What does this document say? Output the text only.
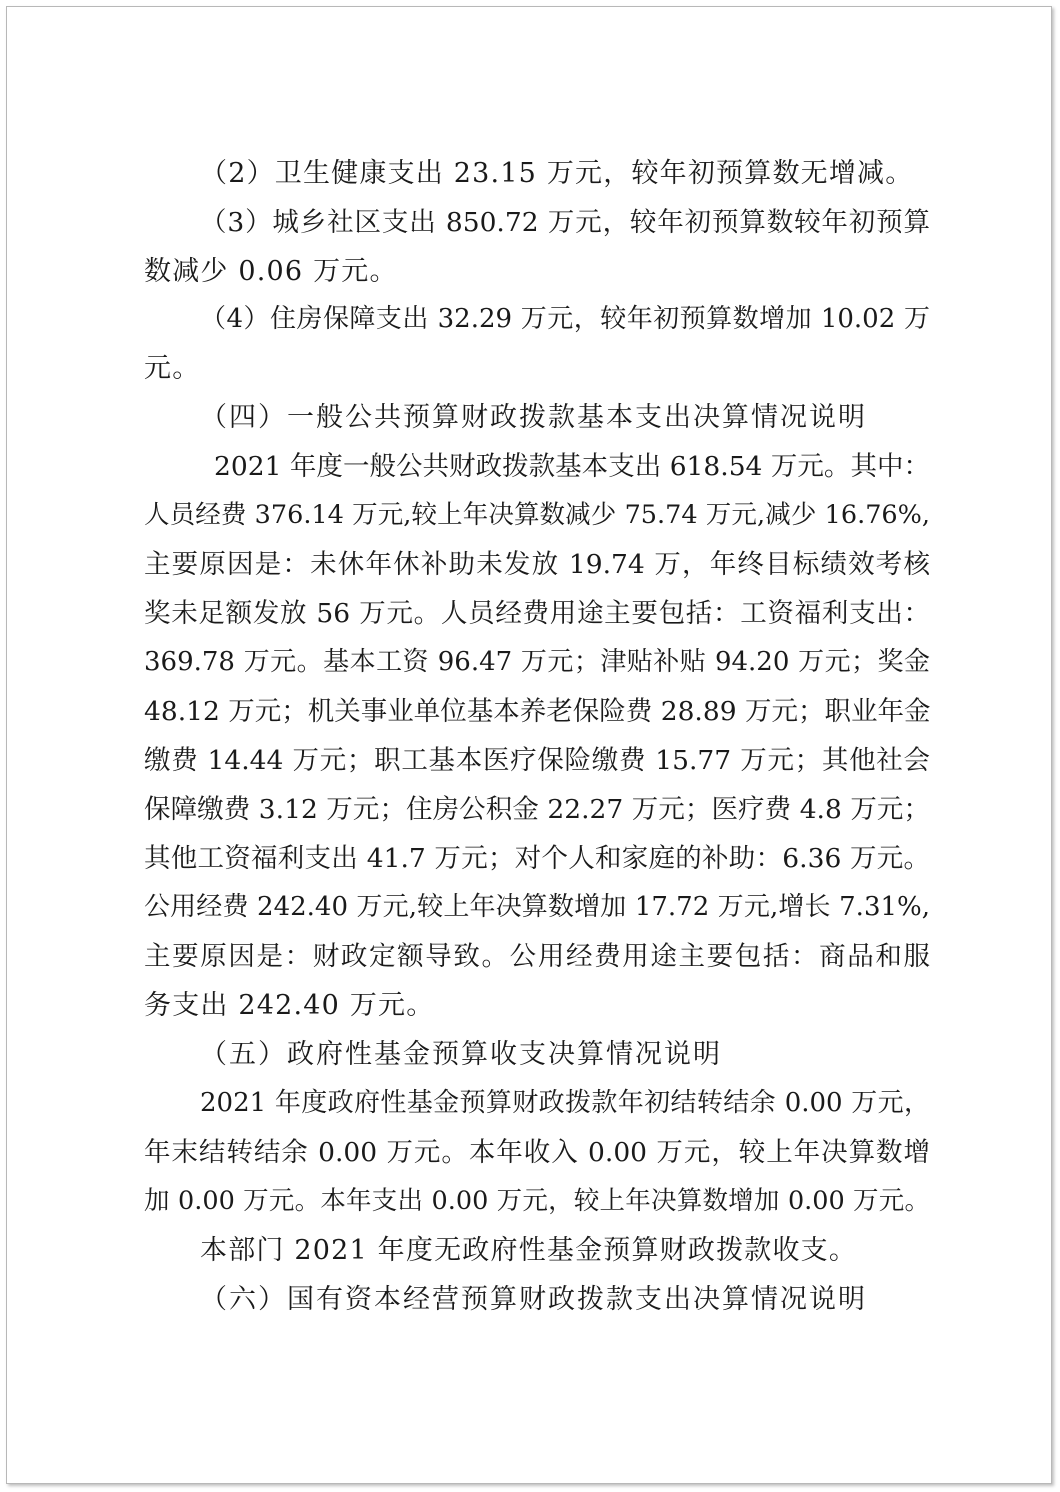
（2）卫生健康支出 23.15 万元，较年初预算数无增减。
（3）城乡社区支出 850.72 万元，较年初预算数较年初预算
数减少 0.06 万元。
（4）住房保障支出 32.29 万元，较年初预算数增加 10.02 万
元。
（四）一般公共预算财政拨款基本支出决算情况说明
2021 年度一般公共财政拨款基本支出 618.54 万元。其中：
人员经费 376.14 万元,较上年决算数减少 75.74 万元,减少 16.76%,
主要原因是：未休年休补助未发放 19.74 万，年终目标绩效考核
奖未足额发放 56 万元。人员经费用途主要包括：工资福利支出：
369.78 万元。基本工资 96.47 万元；津贴补贴 94.20 万元；奖金
48.12 万元；机关事业单位基本养老保险费 28.89 万元；职业年金
缴费 14.44 万元；职工基本医疗保险缴费 15.77 万元；其他社会
保障缴费 3.12 万元；住房公积金 22.27 万元；医疗费 4.8 万元；
其他工资福利支出 41.7 万元；对个人和家庭的补助：6.36 万元。
公用经费 242.40 万元,较上年决算数增加 17.72 万元,增长 7.31%,
主要原因是：财政定额导致。公用经费用途主要包括：商品和服
务支出 242.40 万元。
（五）政府性基金预算收支决算情况说明
2021 年度政府性基金预算财政拨款年初结转结余 0.00 万元，
年末结转结余 0.00 万元。本年收入 0.00 万元，较上年决算数增
加 0.00 万元。本年支出 0.00 万元，较上年决算数增加 0.00 万元。
本部门 2021 年度无政府性基金预算财政拨款收支。
（六）国有资本经营预算财政拨款支出决算情况说明
